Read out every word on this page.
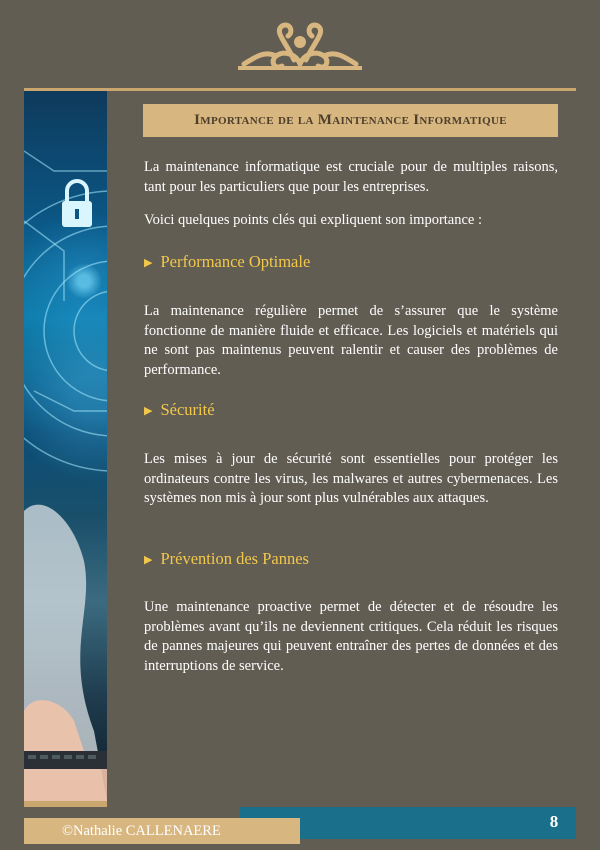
Importance de la Maintenance Informatique

La maintenance informatique est cruciale pour de multiples raisons, tant pour les particuliers que pour les entreprises.

Voici quelques points clés qui expliquent son importance :

▶ Performance Optimale

La maintenance régulière permet de s’assurer que le système fonctionne de manière fluide et efficace. Les logiciels et matériels qui ne sont pas maintenus peuvent ralentir et causer des problèmes de performance.

▶ Sécurité

Les mises à jour de sécurité sont essentielles pour protéger les ordinateurs contre les virus, les malwares et autres cybermenaces. Les systèmes non mis à jour sont plus vulnérables aux attaques.

▶ Prévention des Pannes

Une maintenance proactive permet de détecter et de résoudre les problèmes avant qu’ils ne deviennent critiques. Cela réduit les risques de pannes majeures qui peuvent entraîner des pertes de données et des interruptions de service.

©Nathalie CALLENAERE	8
